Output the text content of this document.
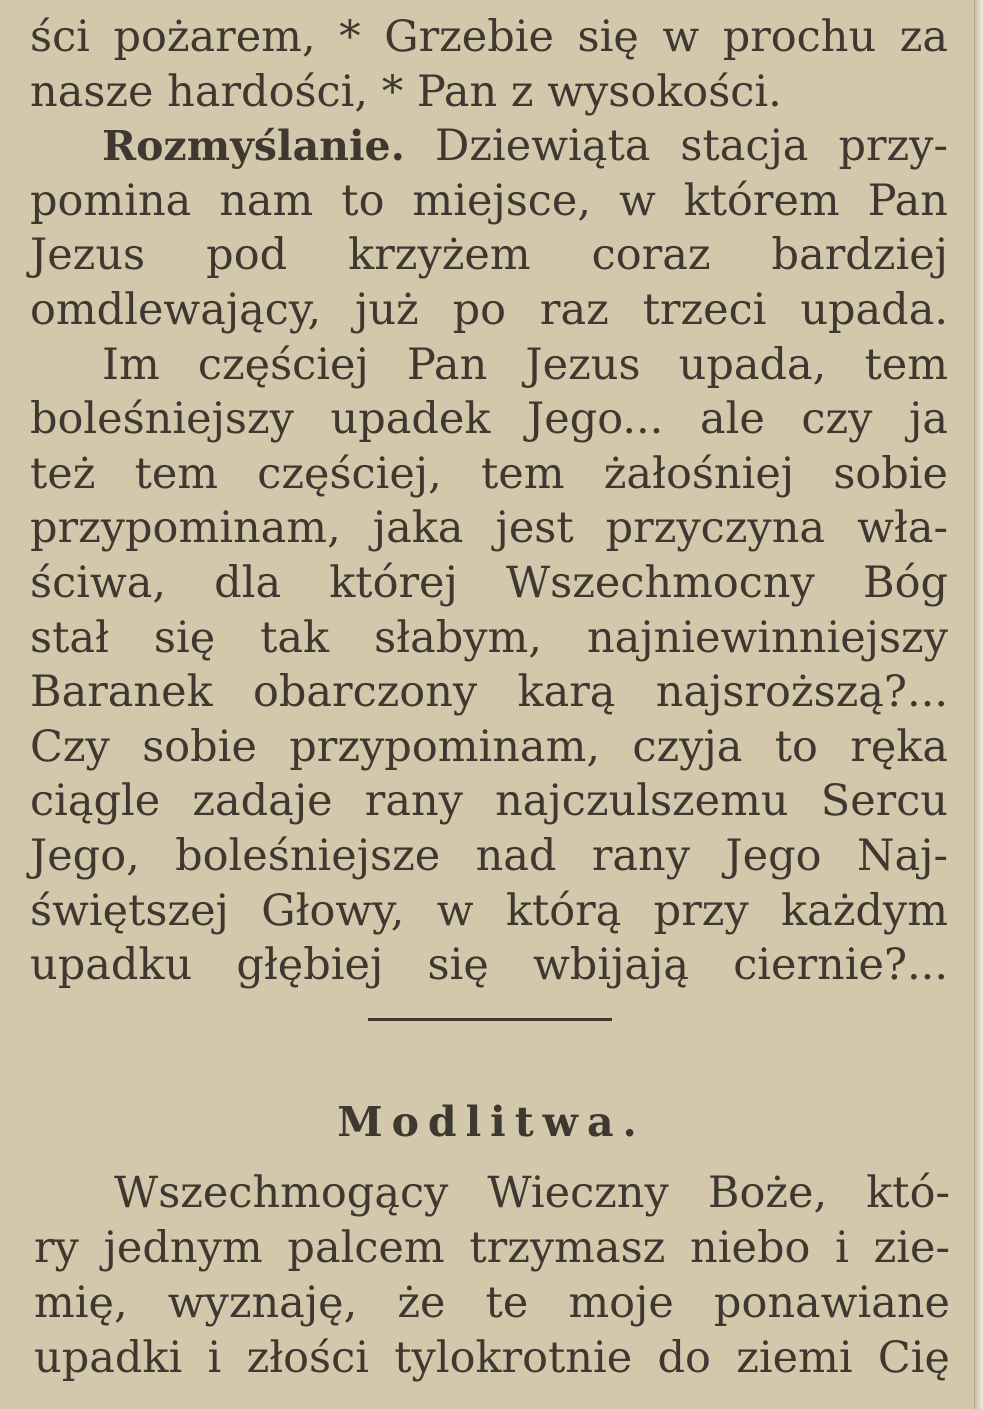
ści pożarem, * Grzebie się w prochu za
nasze hardości, * Pan z wysokości.
Rozmyślanie. Dziewiąta stacja przy-
pomina nam to miejsce, w którem Pan
Jezus pod krzyżem coraz bardziej
omdlewający, już po raz trzeci upada.
Im częściej Pan Jezus upada, tem
boleśniejszy upadek Jego... ale czy ja
też tem częściej, tem żałośniej sobie
przypominam, jaka jest przyczyna wła-
ściwa, dla której Wszechmocny Bóg
stał się tak słabym, najniewinniejszy
Baranek obarczony karą najsroższą?...
Czy sobie przypominam, czyja to ręka
ciągle zadaje rany najczulszemu Sercu
Jego, boleśniejsze nad rany Jego Naj-
świętszej Głowy, w którą przy każdym
upadku głębiej się wbijają ciernie?...
Modlitwa.
Wszechmogący Wieczny Boże, któ-
ry jednym palcem trzymasz niebo i zie-
mię, wyznaję, że te moje ponawiane
upadki i złości tylokrotnie do ziemi Cię
